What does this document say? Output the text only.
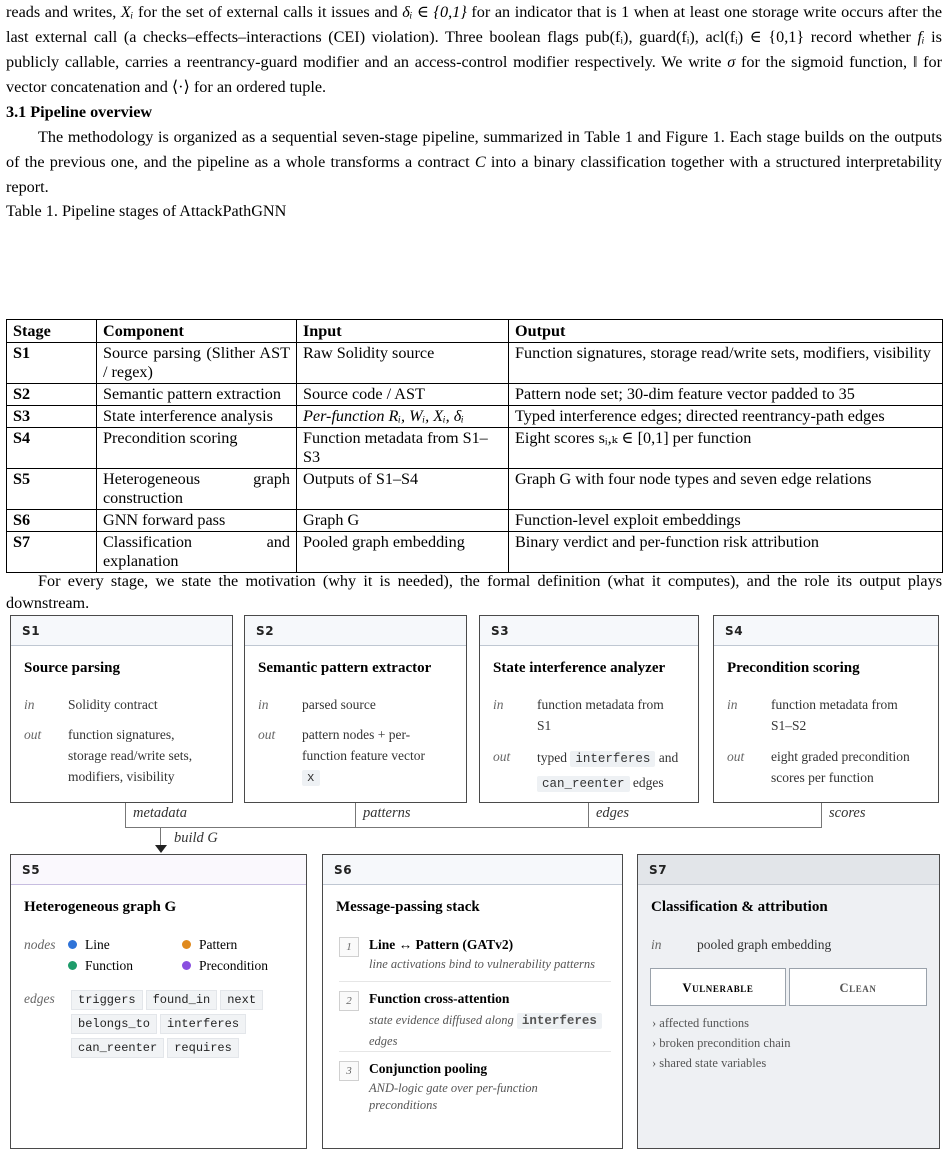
reads and writes, Xᵢ for the set of external calls it issues and δᵢ ∈ {0,1} for an indicator that is 1 when at least one storage write occurs after the last external call (a checks–effects–interactions (CEI) violation). Three boolean flags pub(fᵢ), guard(fᵢ), acl(fᵢ) ∈ {0,1} record whether fᵢ is publicly callable, carries a reentrancy-guard modifier and an access-control modifier respectively. We write σ for the sigmoid function, ‖ for vector concatenation and ⟨·⟩ for an ordered tuple.

3.1 Pipeline overview

The methodology is organized as a sequential seven-stage pipeline, summarized in Table 1 and Figure 1. Each stage builds on the outputs of the previous one, and the pipeline as a whole transforms a contract C into a binary classification together with a structured interpretability report.

Table 1. Pipeline stages of AttackPathGNN

Stage	Component	Input	Output
S1	Source parsing (Slither AST / regex)	Raw Solidity source	Function signatures, storage read/write sets, modifiers, visibility
S2	Semantic pattern extraction	Source code / AST	Pattern node set; 30-dim feature vector padded to 35
S3	State interference analysis	Per-function Rᵢ, Wᵢ, Xᵢ, δᵢ	Typed interference edges; directed reentrancy-path edges
S4	Precondition scoring	Function metadata from S1–S3	Eight scores sᵢ,ₖ ∈ [0,1] per function
S5	Heterogeneous graph construction	Outputs of S1–S4	Graph G with four node types and seven edge relations
S6	GNN forward pass	Graph G	Function-level exploit embeddings
S7	Classification and explanation	Pooled graph embedding	Binary verdict and per-function risk attribution

For every stage, we state the motivation (why it is needed), the formal definition (what it computes), and the role its output plays downstream.

S1
Source parsing
in	Solidity contract
out	function signatures,
storage read/write sets,
modifiers, visibility
S2
Semantic pattern extractor
in	parsed source
out	pattern nodes + per-
function feature vector
x
S3
State interference analyzer
in	function metadata from
S1
out	typed interferes and
can_reenter edges
S4
Precondition scoring
in	function metadata from
S1–S2
out	eight graded precondition
scores per function
metadata	patterns	edges	scores
build G
S5
Heterogeneous graph G
nodes	Line	Pattern
Function	Precondition
edges	triggers found_in next
belongs_to interferes
can_reenter requires
S6
Message-passing stack
1	Line ↔ Pattern (GATv2)
line activations bind to vulnerability patterns
2	Function cross-attention
state evidence diffused along interferes
edges
3	Conjunction pooling
AND-logic gate over per-function
preconditions
S7
Classification & attribution
in	pooled graph embedding
Vulnerable	Clean
› affected functions
› broken precondition chain
› shared state variables
